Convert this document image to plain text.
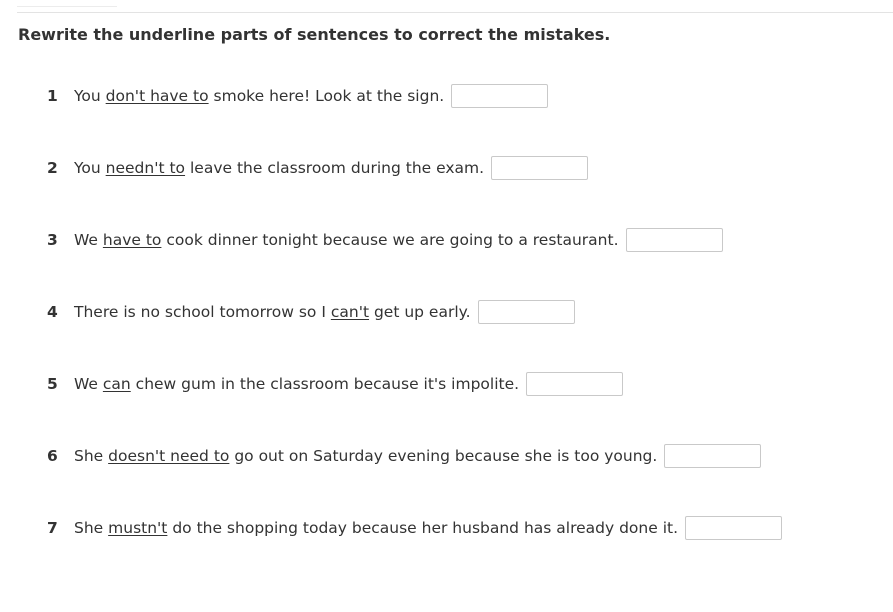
Rewrite the underline parts of sentences to correct the mistakes.
1	You don't have to smoke here! Look at the sign.
2	You needn't to leave the classroom during the exam.
3	We have to cook dinner tonight because we are going to a restaurant.
4	There is no school tomorrow so I can't get up early.
5	We can chew gum in the classroom because it's impolite.
6	She doesn't need to go out on Saturday evening because she is too young.
7	She mustn't do the shopping today because her husband has already done it.
